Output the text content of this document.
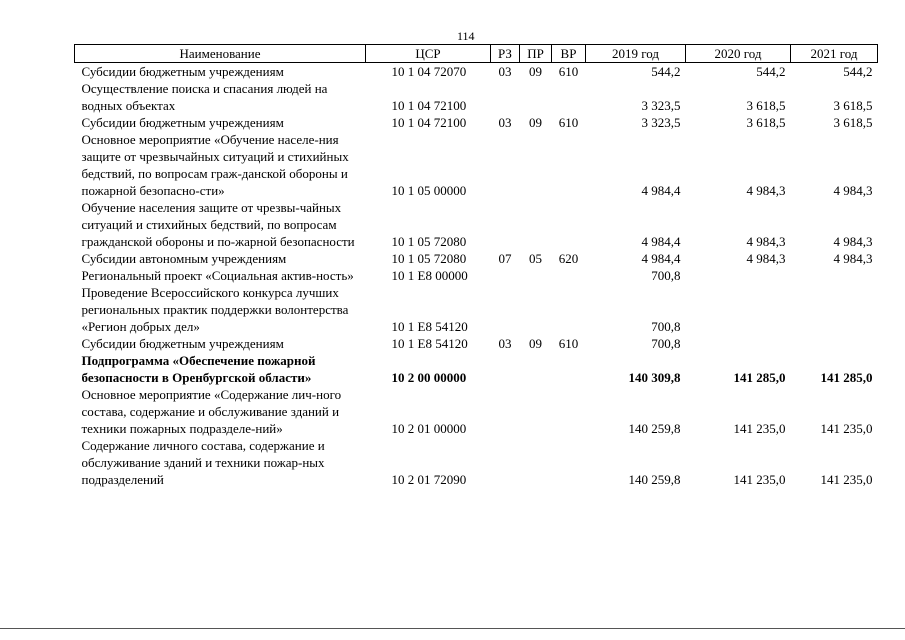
114
Наименование	ЦСР	РЗ	ПР	ВР	2019 год	2020 год	2021 год
Субсидии бюджетным учреждениям	10 1 04 72070	03	09	610	544,2	544,2	544,2
Осуществление поиска и спасания людей на водных объектах	10 1 04 72100				3 323,5	3 618,5	3 618,5
Субсидии бюджетным учреждениям	10 1 04 72100	03	09	610	3 323,5	3 618,5	3 618,5
Основное мероприятие «Обучение населе-ния защите от чрезвычайных ситуаций и стихийных бедствий, по вопросам граж-данской обороны и пожарной безопасно-сти»	10 1 05 00000				4 984,4	4 984,3	4 984,3
Обучение населения защите от чрезвы-чайных ситуаций и стихийных бедствий, по вопросам гражданской обороны и по-жарной безопасности	10 1 05 72080				4 984,4	4 984,3	4 984,3
Субсидии автономным учреждениям	10 1 05 72080	07	05	620	4 984,4	4 984,3	4 984,3
Региональный проект «Социальная актив-ность»	10 1 E8 00000				700,8		
Проведение Всероссийского конкурса лучших региональных практик поддержки волонтерства «Регион добрых дел»	10 1 E8 54120				700,8		
Субсидии бюджетным учреждениям	10 1 E8 54120	03	09	610	700,8		
Подпрограмма «Обеспечение пожарной безопасности в Оренбургской области»	10 2 00 00000				140 309,8	141 285,0	141 285,0
Основное мероприятие «Содержание лич-ного состава, содержание и обслуживание зданий и техники пожарных подразделе-ний»	10 2 01 00000				140 259,8	141 235,0	141 235,0
Содержание личного состава, содержание и обслуживание зданий и техники пожар-ных подразделений	10 2 01 72090				140 259,8	141 235,0	141 235,0
